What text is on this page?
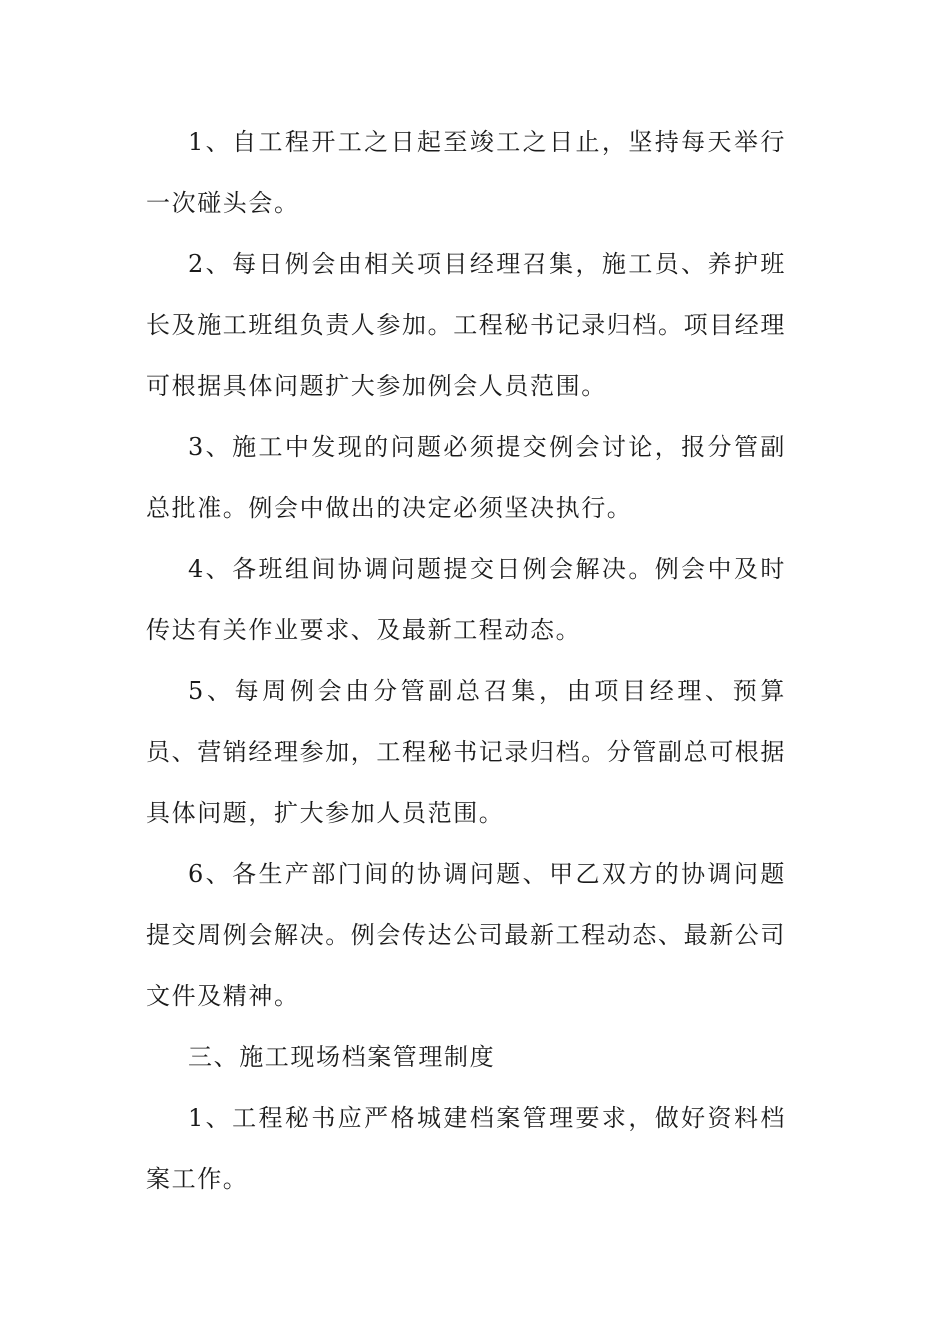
1、自工程开工之日起至竣工之日止，坚持每天举行一次碰头会。

2、每日例会由相关项目经理召集，施工员、养护班长及施工班组负责人参加。工程秘书记录归档。项目经理可根据具体问题扩大参加例会人员范围。

3、施工中发现的问题必须提交例会讨论，报分管副总批准。例会中做出的决定必须坚决执行。

4、各班组间协调问题提交日例会解决。例会中及时传达有关作业要求、及最新工程动态。

5、每周例会由分管副总召集，由项目经理、预算员、营销经理参加，工程秘书记录归档。分管副总可根据具体问题，扩大参加人员范围。

6、各生产部门间的协调问题、甲乙双方的协调问题提交周例会解决。例会传达公司最新工程动态、最新公司文件及精神。

三、施工现场档案管理制度

1、工程秘书应严格城建档案管理要求，做好资料档案工作。
